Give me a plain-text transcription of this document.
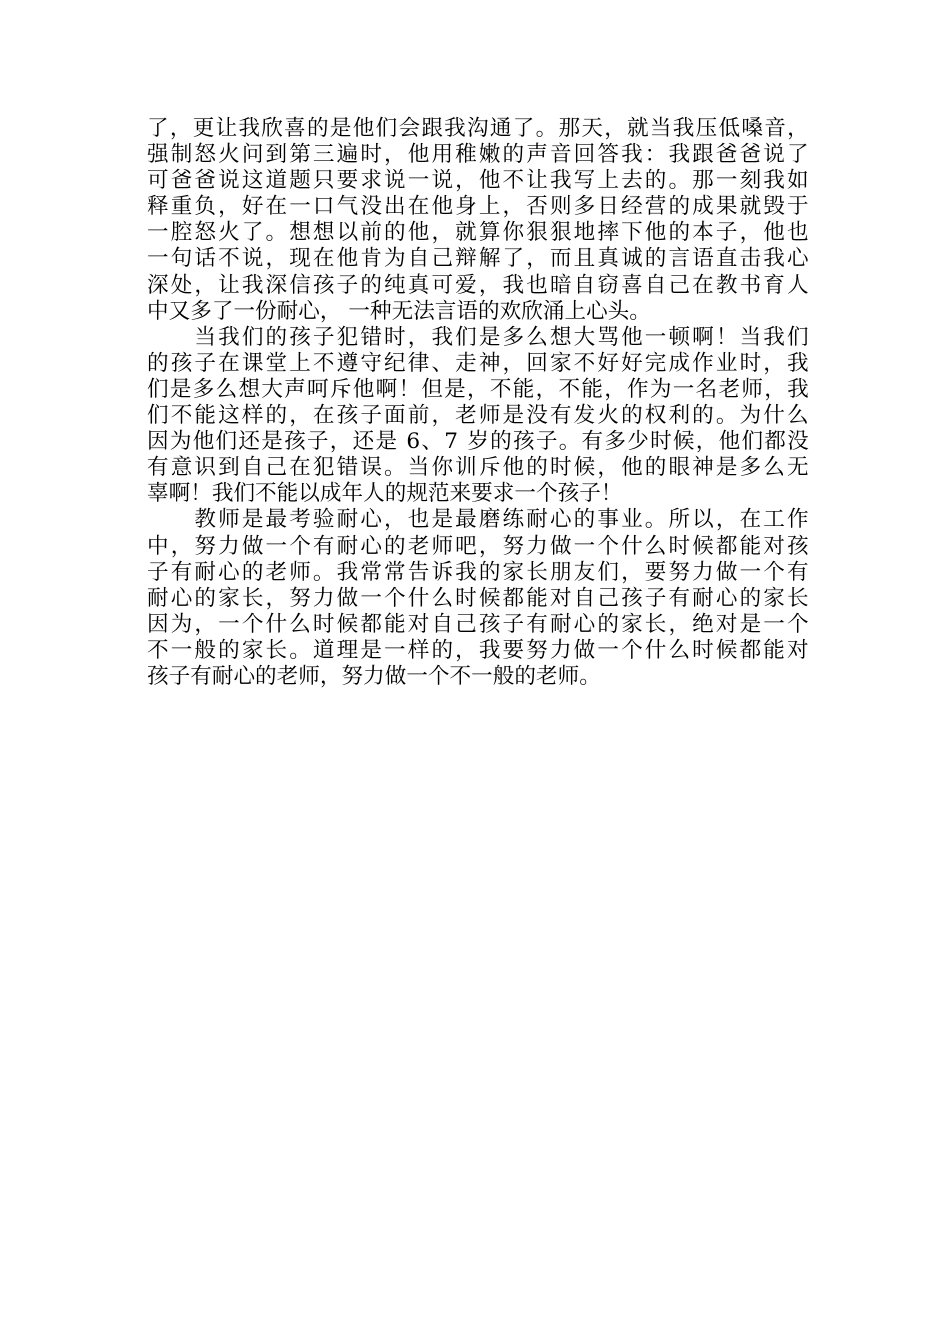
了 ， 更 让 我 欣 喜 的 是 他 们 会 跟 我 沟 通 了 。 那 天 ， 就 当 我 压 低 嗓 音 ，
强 制 怒 火 问 到 第 三 遍 时 ， 他 用 稚 嫩 的 声 音 回 答 我 ： 我 跟 爸 爸 说 了
可 爸 爸 说 这 道 题 只 要 求 说 一 说 ， 他 不 让 我 写 上 去 的 。 那 一 刻 我 如
释 重 负 ， 好 在 一 口 气 没 出 在 他 身 上 ， 否 则 多 日 经 营 的 成 果 就 毁 于
一 腔 怒 火 了 。 想 想 以 前 的 他 ， 就 算 你 狠 狠 地 摔 下 他 的 本 子 ， 他 也
一 句 话 不 说 ， 现 在 他 肯 为 自 己 辩 解 了 ， 而 且 真 诚 的 言 语 直 击 我 心
深 处 ， 让 我 深 信 孩 子 的 纯 真 可 爱 ， 我 也 暗 自 窃 喜 自 己 在 教 书 育 人
中 又 多 了 一 份 耐 心 ，
一 种 无 法 言 语 的 欢 欣 涌 上 心 头 。

当 我 们 的 孩 子 犯 错 时 ， 我 们 是 多 么 想 大 骂 他 一 顿 啊 ！ 当 我 们
的 孩 子 在 课 堂 上 不 遵 守 纪 律 、 走 神 ， 回 家 不 好 好 完 成 作 业 时 ， 我
们 是 多 么 想 大 声 呵 斥 他 啊 ！ 但 是 ， 不 能 ， 不 能 ， 作 为 一 名 老 师 ， 我
们 不 能 这 样 的 ， 在 孩 子 面 前 ， 老 师 是 没 有 发 火 的 权 利 的 。 为 什 么
因 为 他 们 还 是 孩 子 ， 还 是
6 、 7
岁 的 孩 子 。 有 多 少 时 候 ， 他 们 都 没
有 意 识 到 自 己 在 犯 错 误 。 当 你 训 斥 他 的 时 候 ， 他 的 眼 神 是 多 么 无
辜 啊 ！ 我 们 不 能 以 成 年 人 的 规 范 来 要 求 一 个 孩 子 ！

教 师 是 最 考 验 耐 心 ， 也 是 最 磨 练 耐 心 的 事 业 。 所 以 ， 在 工 作
中 ， 努 力 做 一 个 有 耐 心 的 老 师 吧 ， 努 力 做 一 个 什 么 时 候 都 能 对 孩
子 有 耐 心 的 老 师 。 我 常 常 告 诉 我 的 家 长 朋 友 们 ， 要 努 力 做 一 个 有
耐 心 的 家 长 ， 努 力 做 一 个 什 么 时 候 都 能 对 自 己 孩 子 有 耐 心 的 家 长
因 为 ， 一 个 什 么 时 候 都 能 对 自 己 孩 子 有 耐 心 的 家 长 ， 绝 对 是 一 个
不 一 般 的 家 长 。 道 理 是 一 样 的 ， 我 要 努 力 做 一 个 什 么 时 候 都 能 对
孩 子 有 耐 心 的 老 师 ， 努 力 做 一 个 不 一 般 的 老 师 。
